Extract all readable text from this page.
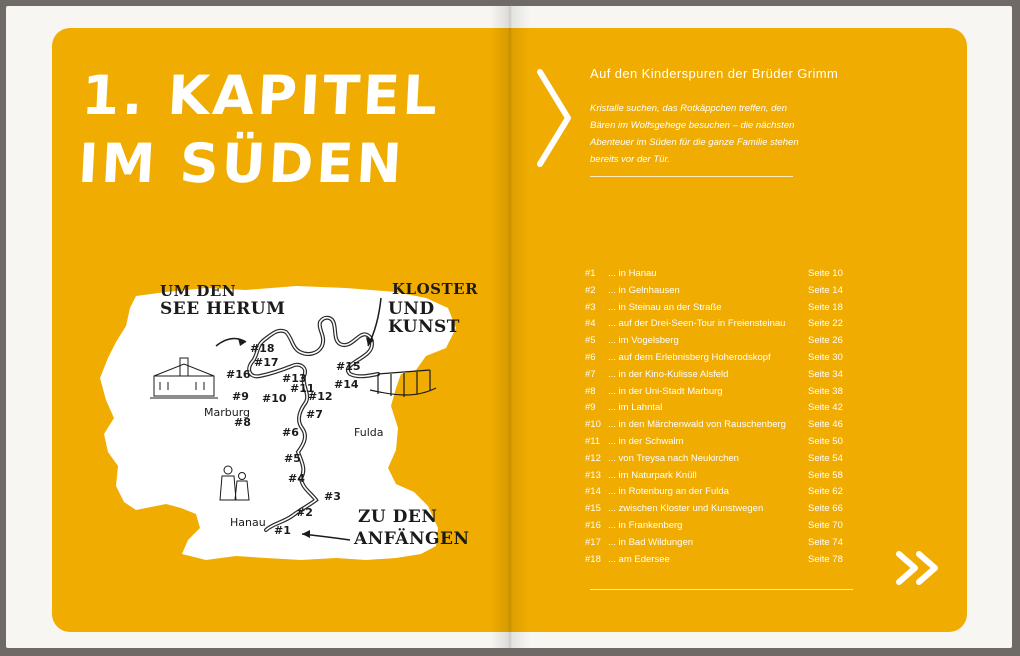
1. KAPITEL
IM SÜDEN
UM DEN
SEE HERUM
KLOSTER
UND KUNST
ZU DEN
ANFÄNGEN
Marburg
Fulda
Hanau
#1
#2
#3
#4
#5
#6
#7
#8
#9 #10
#11
#12
#13 #14
#15
#16
#17
#18
Auf den Kinderspuren der Brüder Grimm

Kristalle suchen, das Rotkäppchen treffen, den Bären im Wolfsgehege besuchen – die nächsten Abenteuer im Süden für die ganze Familie stehen bereits vor der Tür.

#1	... in Hanau	Seite 10
#2	... in Gelnhausen	Seite 14
#3	... in Steinau an der Straße	Seite 18
#4	... auf der Drei-Seen-Tour in Freiensteinau Seite 22
#5	... im Vogelsberg	Seite 26
#6	... auf dem Erlebnisberg Hoherodskopf	Seite 30
#7	... in der Kino-Kulisse Alsfeld	Seite 34
#8	... in der Uni-Stadt Marburg	Seite 38
#9	... im Lahntal	Seite 42
#10 ... in den Märchenwald von Rauschenberg Seite 46
#11 ... in der Schwalm	Seite 50
#12 ... von Treysa nach Neukirchen	Seite 54
#13 ... im Naturpark Knüll	Seite 58
#14 ... in Rotenburg an der Fulda	Seite 62
#15 ... zwischen Kloster und Kunstwegen	Seite 66
#16 ... in Frankenberg	Seite 70
#17 ... in Bad Wildungen	Seite 74
#18 ... am Edersee	Seite 78
